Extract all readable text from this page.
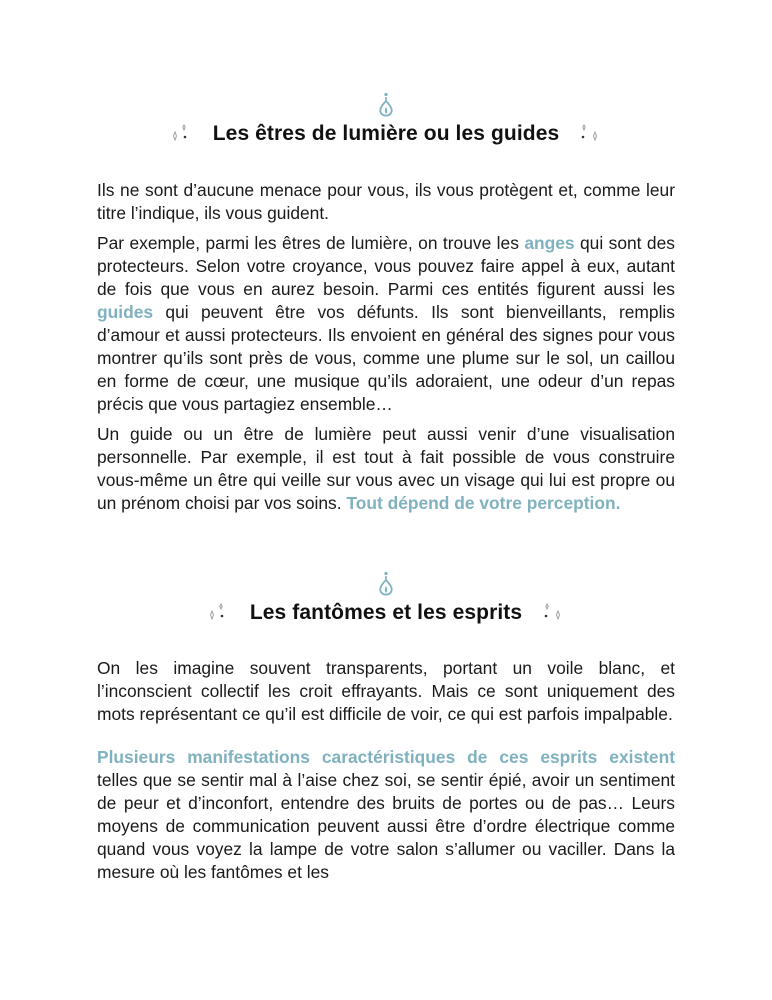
Les êtres de lumière ou les guides

Ils ne sont d’aucune menace pour vous, ils vous protègent et, comme leur titre l’indique, ils vous guident.

Par exemple, parmi les êtres de lumière, on trouve les anges qui sont des protecteurs. Selon votre croyance, vous pouvez faire appel à eux, autant de fois que vous en aurez besoin. Parmi ces entités figurent aussi les guides qui peuvent être vos défunts. Ils sont bienveillants, remplis d’amour et aussi protecteurs. Ils envoient en général des signes pour vous montrer qu’ils sont près de vous, comme une plume sur le sol, un caillou en forme de cœur, une musique qu’ils adoraient, une odeur d’un repas précis que vous partagiez ensemble…

Un guide ou un être de lumière peut aussi venir d’une visualisation personnelle. Par exemple, il est tout à fait possible de vous construire vous-même un être qui veille sur vous avec un visage qui lui est propre ou un prénom choisi par vos soins. Tout dépend de votre perception.

Les fantômes et les esprits

On les imagine souvent transparents, portant un voile blanc, et l’inconscient collectif les croit effrayants. Mais ce sont uniquement des mots représentant ce qu’il est difficile de voir, ce qui est parfois impalpable.

Plusieurs manifestations caractéristiques de ces esprits existent telles que se sentir mal à l’aise chez soi, se sentir épié, avoir un sentiment de peur et d’inconfort, entendre des bruits de portes ou de pas… Leurs moyens de communication peuvent aussi être d’ordre électrique comme quand vous voyez la lampe de votre salon s’allumer ou vaciller. Dans la mesure où les fantômes et les
